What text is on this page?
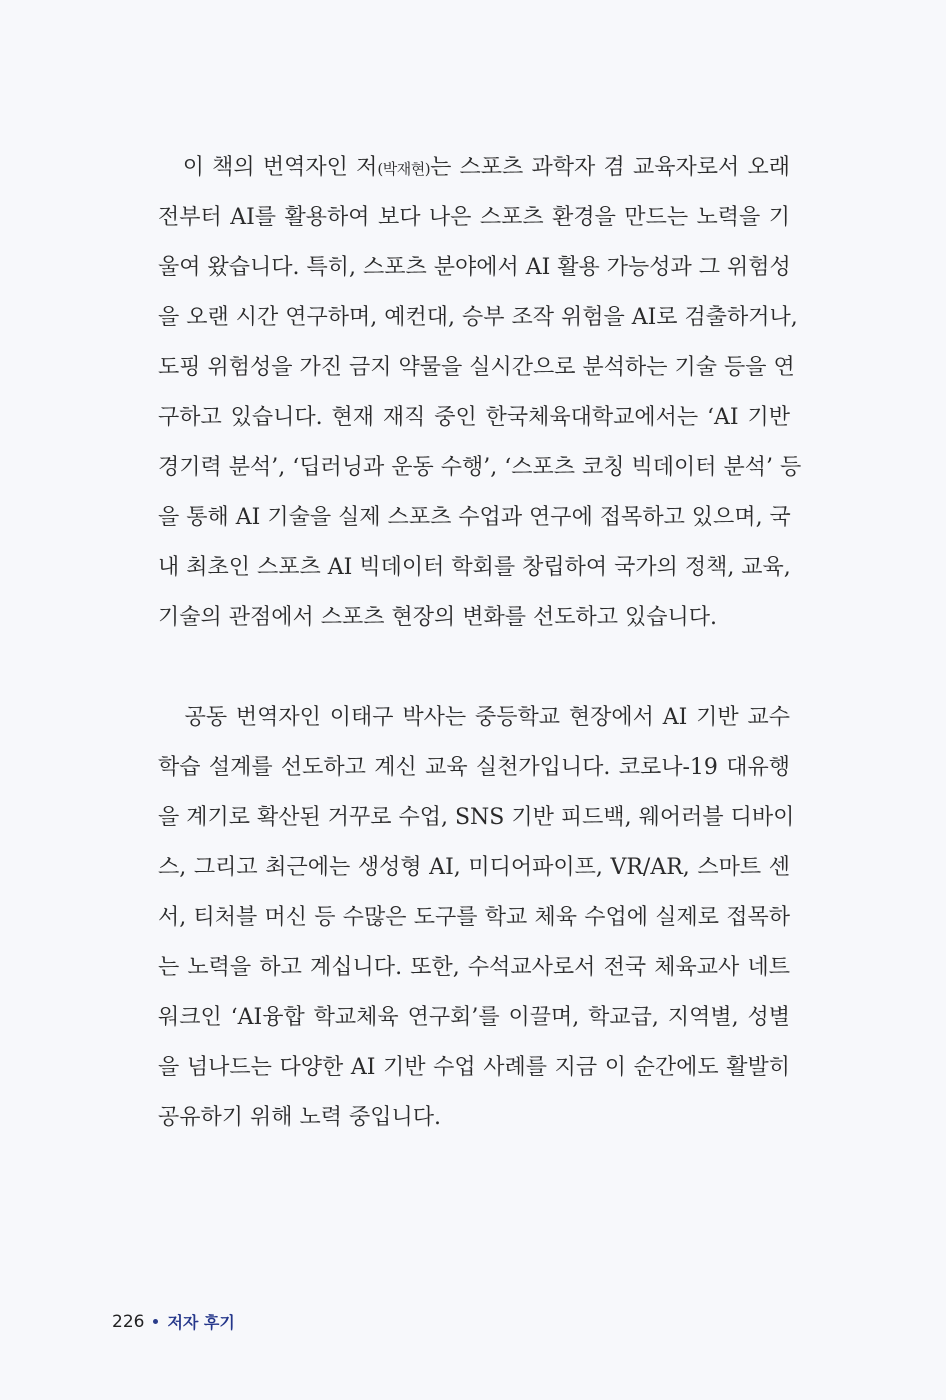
이 책의 번역자인 저(박재현)는 스포츠 과학자 겸 교육자로서 오래
전부터 AI를 활용하여 보다 나은 스포츠 환경을 만드는 노력을 기
울여 왔습니다. 특히, 스포츠 분야에서 AI 활용 가능성과 그 위험성
을 오랜 시간 연구하며, 예컨대, 승부 조작 위험을 AI로 검출하거나,
도핑 위험성을 가진 금지 약물을 실시간으로 분석하는 기술 등을 연
구하고 있습니다. 현재 재직 중인 한국체육대학교에서는 ‘AI 기반
경기력 분석’, ‘딥러닝과 운동 수행’, ‘스포츠 코칭 빅데이터 분석’ 등
을 통해 AI 기술을 실제 스포츠 수업과 연구에 접목하고 있으며, 국
내 최초인 스포츠 AI 빅데이터 학회를 창립하여 국가의 정책, 교육,
기술의 관점에서 스포츠 현장의 변화를 선도하고 있습니다.
공동 번역자인 이태구 박사는 중등학교 현장에서 AI 기반 교수
학습 설계를 선도하고 계신 교육 실천가입니다. 코로나-19 대유행
을 계기로 확산된 거꾸로 수업, SNS 기반 피드백, 웨어러블 디바이
스, 그리고 최근에는 생성형 AI, 미디어파이프, VR/AR, 스마트 센
서, 티처블 머신 등 수많은 도구를 학교 체육 수업에 실제로 접목하
는 노력을 하고 계십니다. 또한, 수석교사로서 전국 체육교사 네트
워크인 ‘AI융합 학교체육 연구회’를 이끌며, 학교급, 지역별, 성별
을 넘나드는 다양한 AI 기반 수업 사례를 지금 이 순간에도 활발히
공유하기 위해 노력 중입니다.
226 저자 후기
